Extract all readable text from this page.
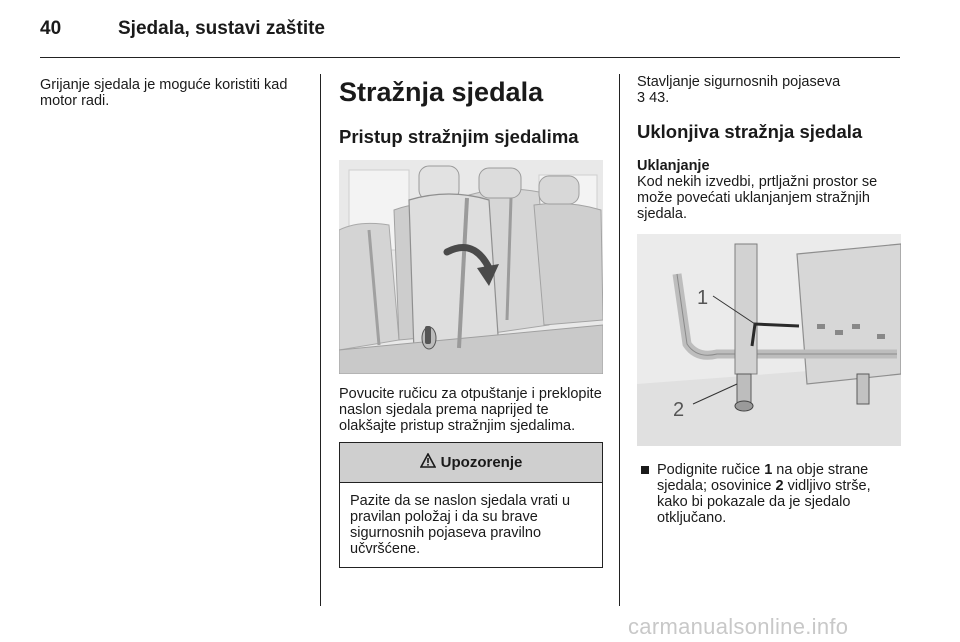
40	Sjedala, sustavi zaštite

Grijanje sjedala je moguće koristiti kad motor radi.	Stražnja sjedala
Pristup stražnjim sjedalima

Povucite ručicu za otpuštanje i preklopite naslon sjedala prema naprijed te olakšajte pristup stražnjim sjedalima.

Upozorenje
Pazite da se naslon sjedala vrati u pravilan položaj i da su brave sigurnosnih pojaseva pravilno učvršćene.

Stavljanje sigurnosnih pojaseva
3 43.

Uklonjiva stražnja sjedala
Uklanjanje

Kod nekih izvedbi, prtljažni prostor se može povećati uklanjanjem stražnjih sjedala.

1
2

Podignite ručice 1 na obje strane sjedala; osovinice 2 vidljivo strše, kako bi pokazale da je sjedalo otključano.

carmanualsonline.info
